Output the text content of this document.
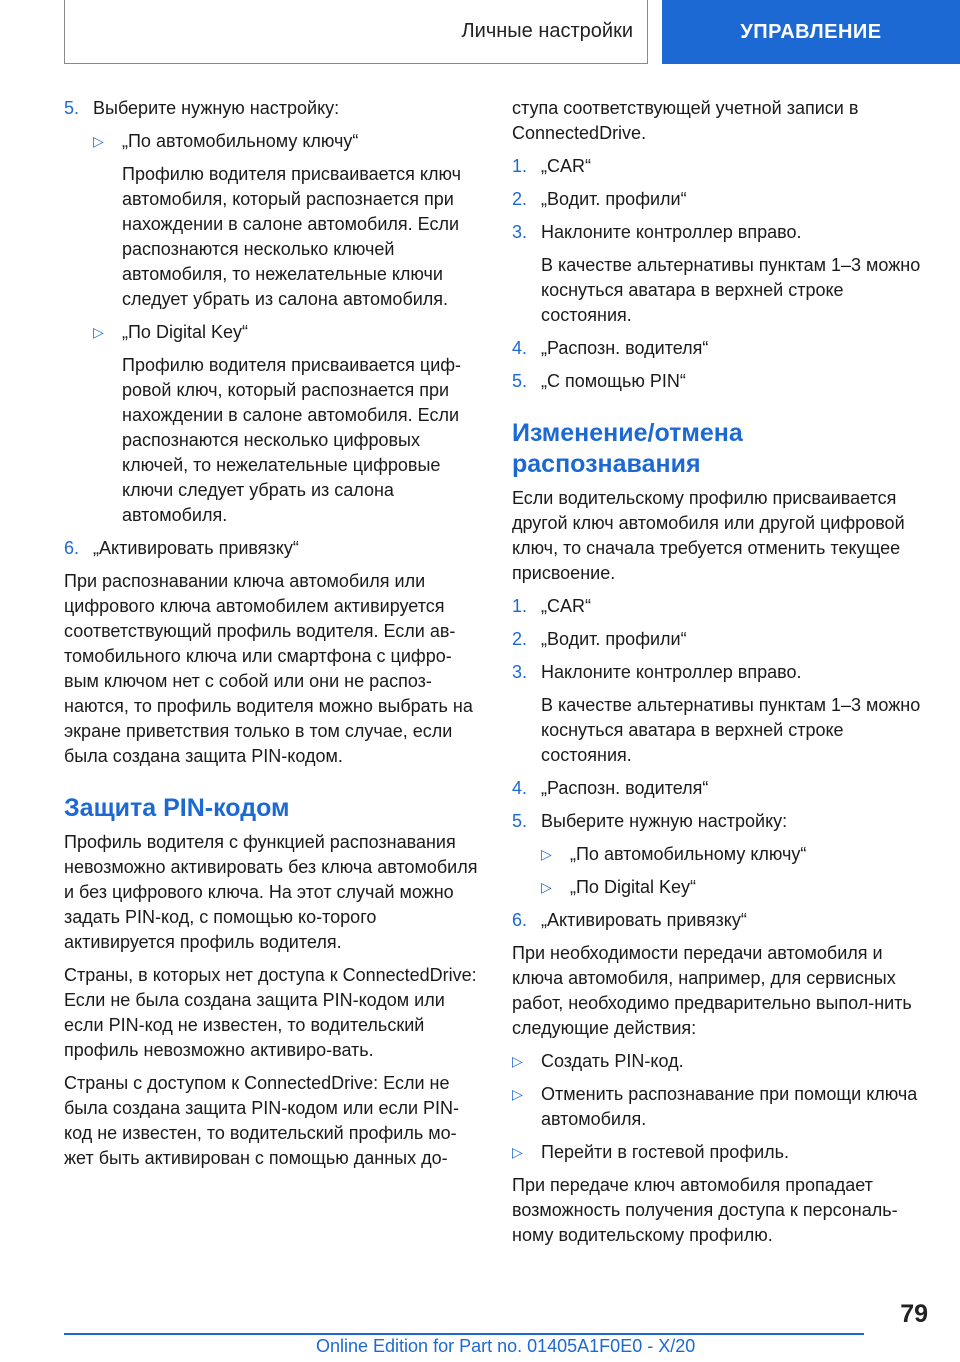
Личные настройки	УПРАВЛЕНИЕ
5. Выберите нужную настройку:
▷ „По автомобильному ключу“
Профилю водителя присваивается ключ автомобиля, который распознается при нахождении в салоне автомобиля. Если распознаются несколько ключей автомобиля, то нежелательные ключи следует убрать из салона автомобиля.
▷ „По Digital Key“
Профилю водителя присваивается циф-ровой ключ, который распознается при нахождении в салоне автомобиля. Если распознаются несколько цифровых ключей, то нежелательные цифровые ключи следует убрать из салона автомобиля.
6. „Активировать привязку“
При распознавании ключа автомобиля или цифрового ключа автомобилем активируется соответствующий профиль водителя. Если ав-томобильного ключа или смартфона с цифро-вым ключом нет с собой или они не распоз-наются, то профиль водителя можно выбрать на экране приветствия только в том случае, если была создана защита PIN-кодом.
Защита PIN-кодом
Профиль водителя с функцией распознавания невозможно активировать без ключа автомобиля и без цифрового ключа. На этот случай можно задать PIN-код, с помощью ко-торого активируется профиль водителя.
Страны, в которых нет доступа к ConnectedDrive: Если не была создана защита PIN-кодом или если PIN-код не известен, то водительский профиль невозможно активиро-вать.
Страны с доступом к ConnectedDrive: Если не была создана защита PIN-кодом или если PIN-код не известен, то водительский профиль мо-жет быть активирован с помощью данных до-
ступа соответствующей учетной записи в ConnectedDrive.
1. „CAR“
2. „Водит. профили“
3. Наклоните контроллер вправо.
В качестве альтернативы пунктам 1–3 можно коснуться аватара в верхней строке состояния.
4. „Распозн. водителя“
5. „С помощью PIN“
Изменение/отмена распознавания
Если водительскому профилю присваивается другой ключ автомобиля или другой цифровой ключ, то сначала требуется отменить текущее присвоение.
1. „CAR“
2. „Водит. профили“
3. Наклоните контроллер вправо.
В качестве альтернативы пунктам 1–3 можно коснуться аватара в верхней строке состояния.
4. „Распозн. водителя“
5. Выберите нужную настройку:
▷ „По автомобильному ключу“
▷ „По Digital Key“
6. „Активировать привязку“
При необходимости передачи автомобиля и ключа автомобиля, например, для сервисных работ, необходимо предварительно выпол-нить следующие действия:
▷ Создать PIN-код.
▷ Отменить распознавание при помощи ключа автомобиля.
▷ Перейти в гостевой профиль.
При передаче ключ автомобиля пропадает возможность получения доступа к персональ-ному водительскому профилю.
79
Online Edition for Part no. 01405A1F0E0 - X/20
